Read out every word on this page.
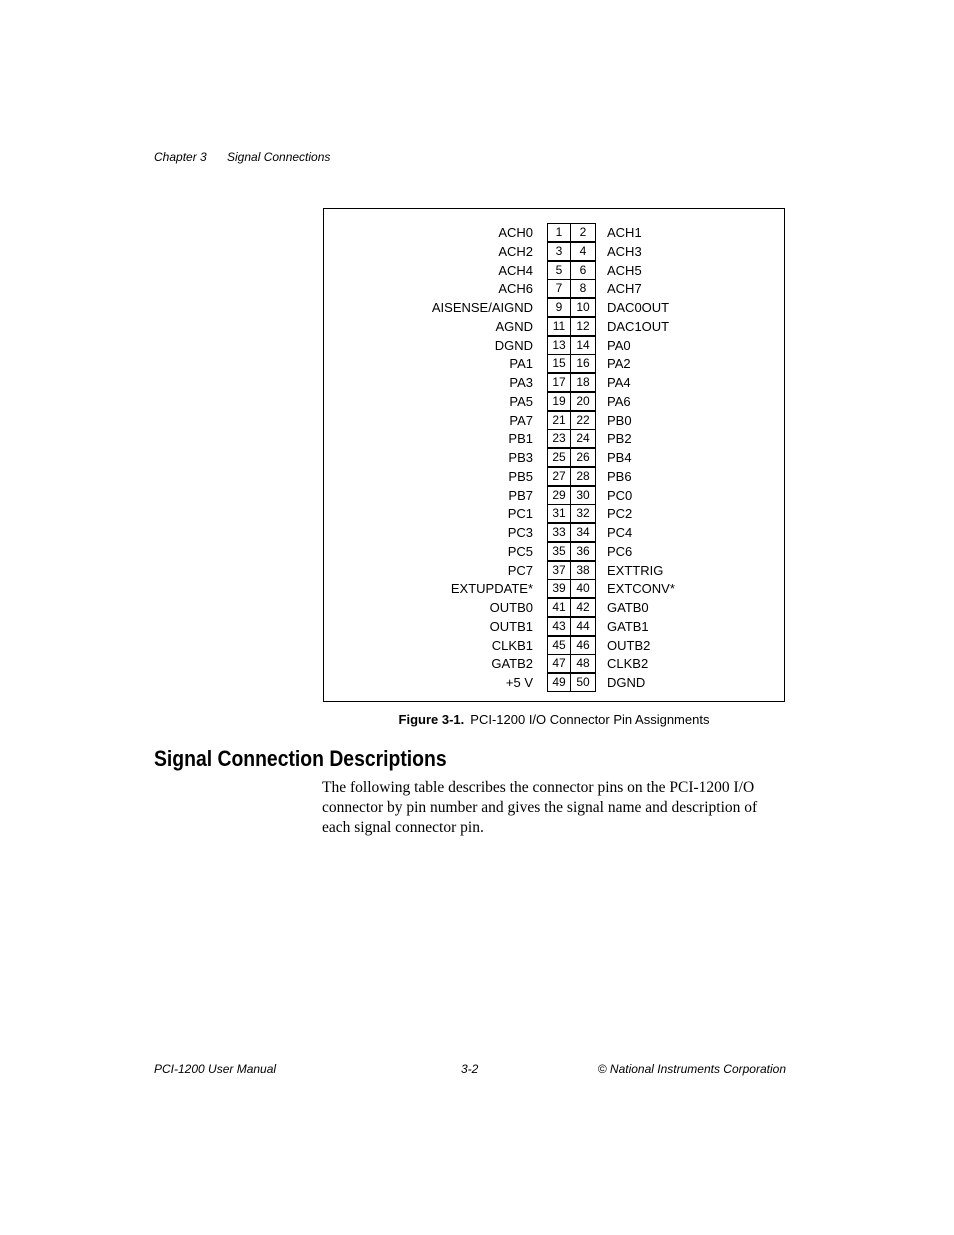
Chapter 3 Signal Connections
ACH0	1	2	ACH1
ACH2	3	4	ACH3
ACH4	5	6	ACH5
ACH6	7	8	ACH7
AISENSE/AIGND	9	10	DAC0OUT
AGND	11 12	DAC1OUT
DGND	13 14	PA0
PA1	15 16	PA2
PA3	17 18	PA4
PA5	19 20	PA6
PA7	21 22	PB0
PB1	23 24	PB2
PB3	25 26	PB4
PB5	27 28	PB6
PB7	29 30	PC0
PC1	31 32	PC2
PC3	33 34	PC4
PC5	35 36	PC6
PC7	37 38	EXTTRIG
EXTUPDATE*	39 40	EXTCONV*
OUTB0	41 42	GATB0
OUTB1	43 44	GATB1
CLKB1	45 46	OUTB2
GATB2	47 48	CLKB2
+5 V	49 50	DGND
Figure 3-1. PCI-1200 I/O Connector Pin Assignments
Signal Connection Descriptions
The following table describes the connector pins on the PCI-1200 I/O connector by pin number and gives the signal name and description of each signal connector pin.
PCI-1200 User Manual	3-2	© National Instruments Corporation
